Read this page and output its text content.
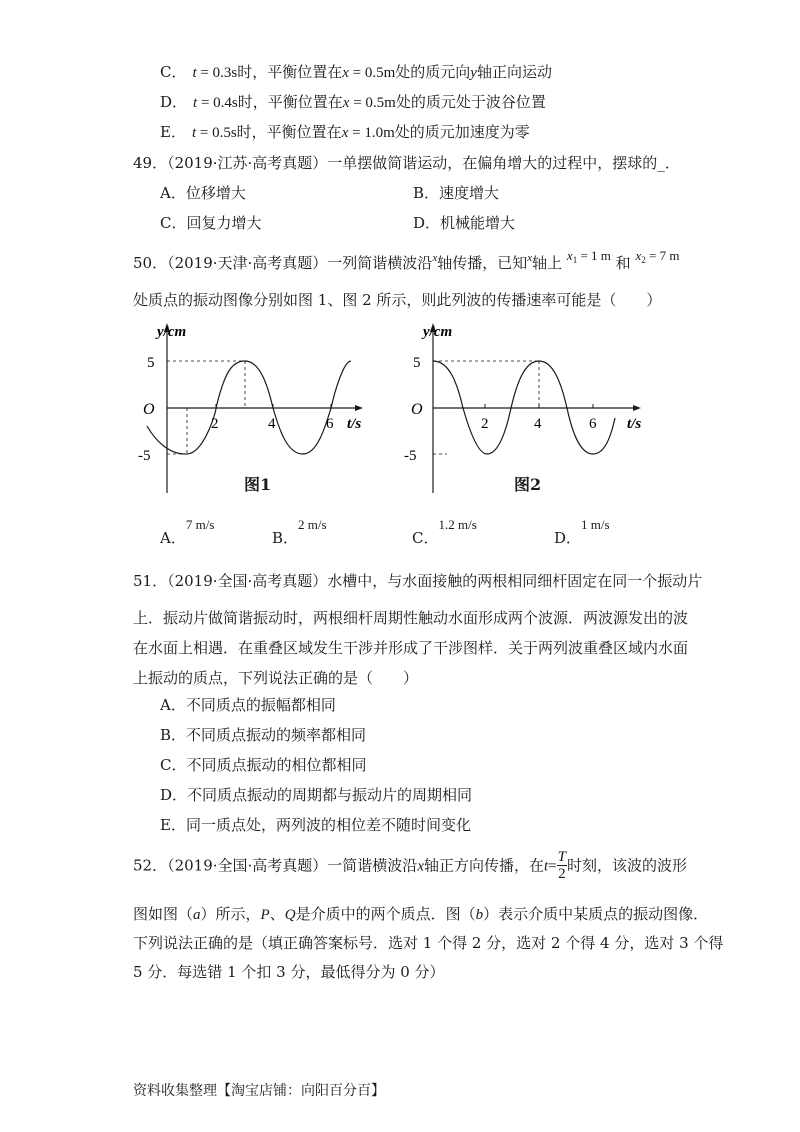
C． t = 0.3s时，平衡位置在x = 0.5m处的质元向y轴正向运动
D． t = 0.4s时，平衡位置在x = 0.5m处的质元处于波谷位置
E． t = 0.5s时，平衡位置在x = 1.0m处的质元加速度为零
49．（2019·江苏·高考真题）一单摆做简谐运动，在偏角增大的过程中，摆球的_．
A．位移增大	B．速度增大
C．回复力增大	D．机械能增大
50．（2019·天津·高考真题）一列简谐横波沿$^x$轴传播，已知$^x$轴上 $x_1 = 1$ m 和 $x_2 = 7$ m
处质点的振动图像分别如图 1、图 2 所示，则此列波的传播速率可能是（　　）
y/cm
t/s
O
5
-5
2	4	6
图1
y/cm
t/s
O
5
-5
2	4	6
图2
A．7 m/s
B．2 m/s
C．1.2 m/s
D．1 m/s
51．（2019·全国·高考真题）水槽中，与水面接触的两根相同细杆固定在同一个振动片
上．振动片做简谐振动时，两根细杆周期性触动水面形成两个波源．两波源发出的波
在水面上相遇．在重叠区域发生干涉并形成了干涉图样．关于两列波重叠区域内水面
上振动的质点，下列说法正确的是（　　）
A．不同质点的振幅都相同
B．不同质点振动的频率都相同
C．不同质点振动的相位都相同
D．不同质点振动的周期都与振动片的周期相同
E．同一质点处，两列波的相位差不随时间变化
52．（2019·全国·高考真题）一简谐横波沿x轴正方向传播，在$t= \frac{T}{2}$ 时刻，该波的波形
图如图（a）所示，P、Q是介质中的两个质点．图（b）表示介质中某质点的振动图像．
下列说法正确的是（填正确答案标号．选对 1 个得 2 分，选对 2 个得 4 分，选对 3 个得
5 分．每选错 1 个扣 3 分，最低得分为 0 分）
资料收集整理【淘宝店铺：向阳百分百】
